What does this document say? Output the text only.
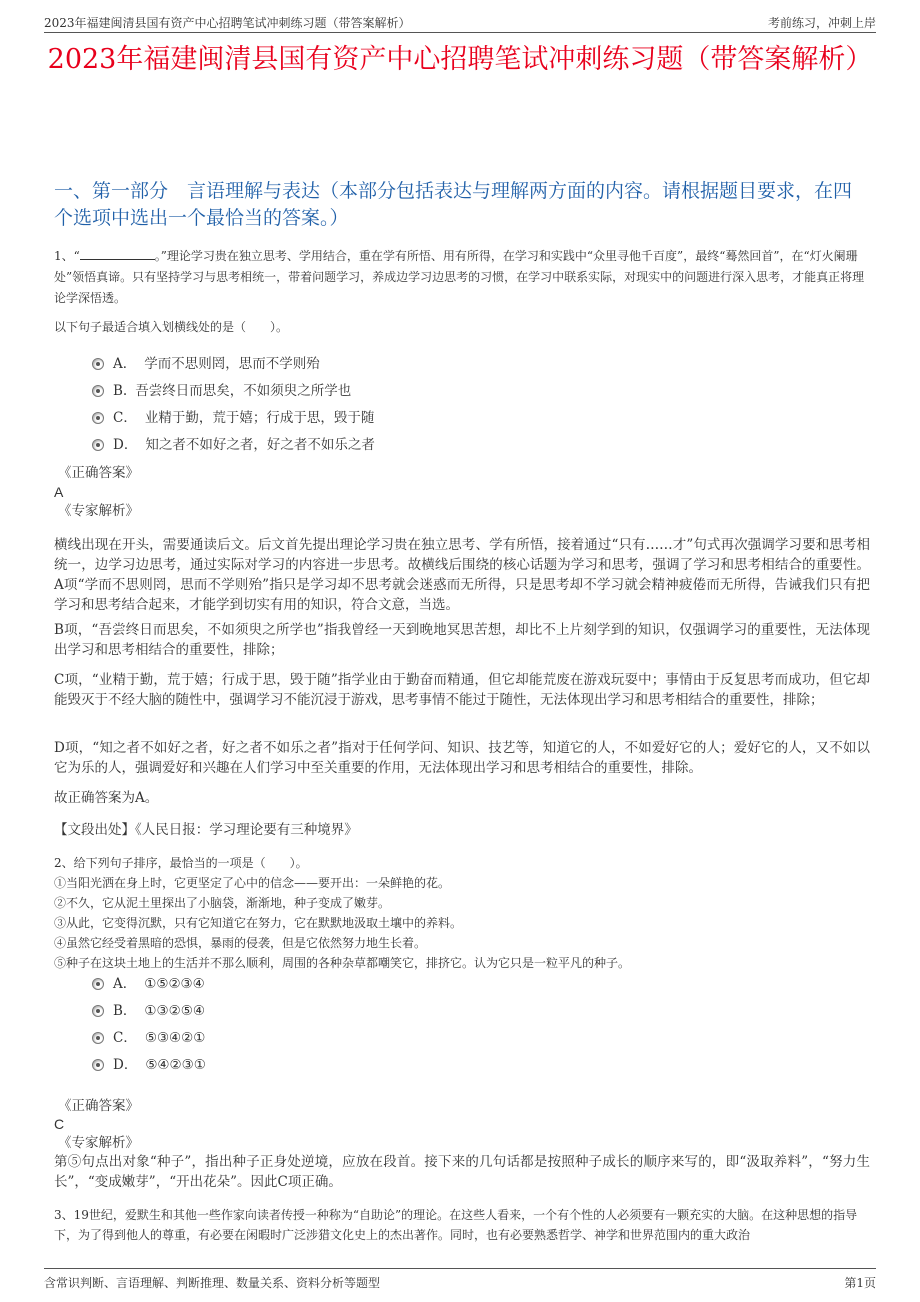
2023年福建闽清县国有资产中心招聘笔试冲刺练习题（带答案解析）	考前练习，冲刺上岸
2023年福建闽清县国有资产中心招聘笔试冲刺练习题（带答案解析）
一、第一部分　言语理解与表达（本部分包括表达与理解两方面的内容。请根据题目要求，在四个选项中选出一个最恰当的答案。）
1、“	。”理论学习贵在独立思考、学用结合，重在学有所悟、用有所得，在学习和实践中“众里寻他千百度”，最终“蓦然回首”，在“灯火阑珊处”领悟真谛。只有坚持学习与思考相统一，带着问题学习，养成边学习边思考的习惯，在学习中联系实际，对现实中的问题进行深入思考，才能真正将理论学深悟透。
以下句子最适合填入划横线处的是（　　）。
A． 学而不思则罔，思而不学则殆
B. 吾尝终日而思矣，不如须臾之所学也
C． 业精于勤，荒于嬉；行成于思，毁于随
D． 知之者不如好之者，好之者不如乐之者
《正确答案》
A
《专家解析》
横线出现在开头，需要通读后文。后文首先提出理论学习贵在独立思考、学有所悟，接着通过“只有……才”句式再次强调学习要和思考相统一，边学习边思考，通过实际对学习的内容进一步思考。故横线后围绕的核心话题为学习和思考，强调了学习和思考相结合的重要性。A项“学而不思则罔，思而不学则殆”指只是学习却不思考就会迷惑而无所得，只是思考却不学习就会精神疲倦而无所得，告诫我们只有把学习和思考结合起来，才能学到切实有用的知识，符合文意，当选。
B项，“吾尝终日而思矣，不如须臾之所学也”指我曾经一天到晚地冥思苦想，却比不上片刻学到的知识，仅强调学习的重要性，无法体现出学习和思考相结合的重要性，排除；
C项，“业精于勤，荒于嬉；行成于思，毁于随”指学业由于勤奋而精通，但它却能荒废在游戏玩耍中；事情由于反复思考而成功，但它却能毁灭于不经大脑的随性中，强调学习不能沉浸于游戏，思考事情不能过于随性，无法体现出学习和思考相结合的重要性，排除；
D项，“知之者不如好之者，好之者不如乐之者”指对于任何学问、知识、技艺等，知道它的人，不如爱好它的人；爱好它的人，又不如以它为乐的人，强调爱好和兴趣在人们学习中至关重要的作用，无法体现出学习和思考相结合的重要性，排除。
故正确答案为A。
【文段出处】《人民日报：学习理论要有三种境界》
2、给下列句子排序，最恰当的一项是（　　）。
①当阳光洒在身上时，它更坚定了心中的信念——要开出：一朵鲜艳的花。
②不久，它从泥土里探出了小脑袋，渐渐地，种子变成了嫩芽。
③从此，它变得沉默，只有它知道它在努力，它在默默地汲取土壤中的养料。
④虽然它经受着黑暗的恐惧，暴雨的侵袭，但是它依然努力地生长着。
⑤种子在这块土地上的生活并不那么顺利，周围的各种杂草都嘲笑它，排挤它。认为它只是一粒平凡的种子。
A． ①⑤②③④
B． ①③②⑤④
C． ⑤③④②①
D． ⑤④②③①
《正确答案》
C
《专家解析》
第⑤句点出对象“种子”，指出种子正身处逆境，应放在段首。接下来的几句话都是按照种子成长的顺序来写的，即“汲取养料”，“努力生长”，“变成嫩芽”，“开出花朵”。因此C项正确。
3、19世纪，爱默生和其他一些作家向读者传授一种称为“自助论”的理论。在这些人看来，一个有个性的人必须要有一颗充实的大脑。在这种思想的指导下，为了得到他人的尊重，有必要在闲暇时广泛涉猎文化史上的杰出著作。同时，也有必要熟悉哲学、神学和世界范围内的重大政治
含常识判断、言语理解、判断推理、数量关系、资料分析等题型	第1页
